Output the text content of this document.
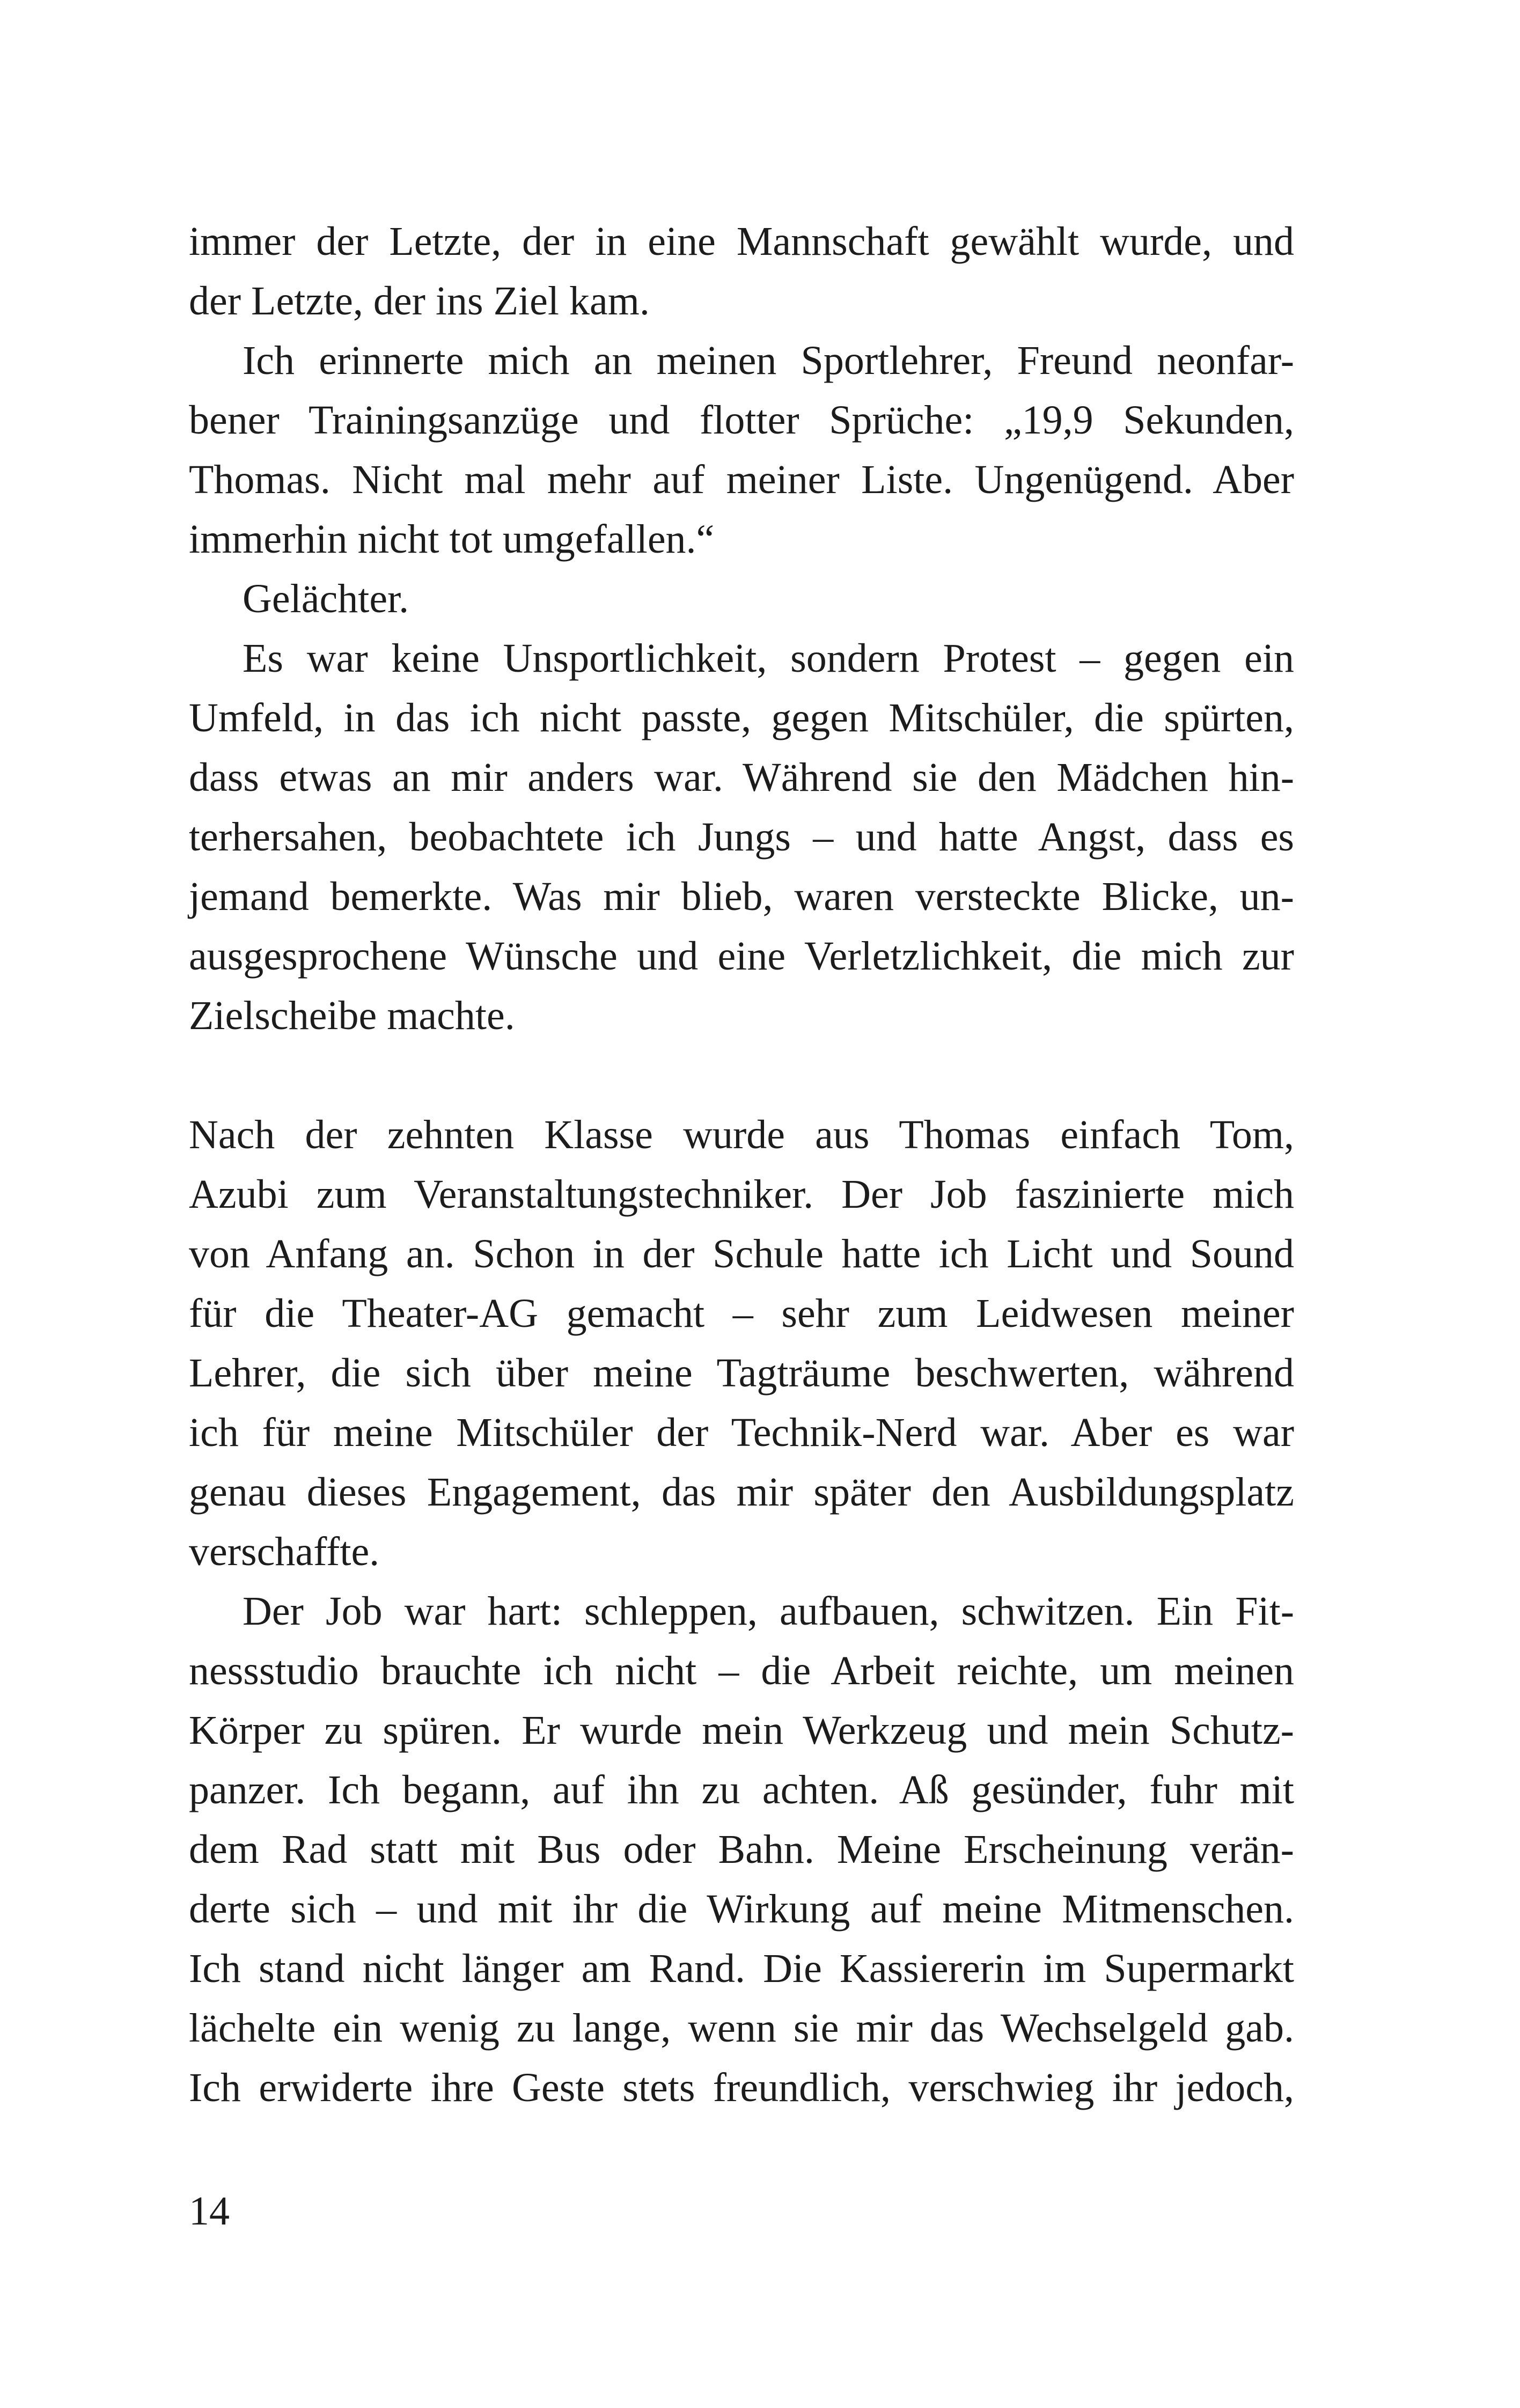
immer der Letzte, der in eine Mannschaft gewählt wurde, und
der Letzte, der ins Ziel kam.

Ich erinnerte mich an meinen Sportlehrer, Freund neonfar-
bener Trainingsanzüge und flotter Sprüche: „19,9 Sekunden,
Thomas. Nicht mal mehr auf meiner Liste. Ungenügend. Aber
immerhin nicht tot umgefallen.“

Gelächter.

Es war keine Unsportlichkeit, sondern Protest – gegen ein
Umfeld, in das ich nicht passte, gegen Mitschüler, die spürten,
dass etwas an mir anders war. Während sie den Mädchen hin-
terhersahen, beobachtete ich Jungs – und hatte Angst, dass es
jemand bemerkte. Was mir blieb, waren versteckte Blicke, un-
ausgesprochene Wünsche und eine Verletzlichkeit, die mich zur
Zielscheibe machte.

Nach der zehnten Klasse wurde aus Thomas einfach Tom,
Azubi zum Veranstaltungstechniker. Der Job faszinierte mich
von Anfang an. Schon in der Schule hatte ich Licht und Sound
für die Theater-AG gemacht – sehr zum Leidwesen meiner
Lehrer, die sich über meine Tagträume beschwerten, während
ich für meine Mitschüler der Technik-Nerd war. Aber es war
genau dieses Engagement, das mir später den Ausbildungsplatz
verschaffte.

Der Job war hart: schleppen, aufbauen, schwitzen. Ein Fit-
nessstudio brauchte ich nicht – die Arbeit reichte, um meinen
Körper zu spüren. Er wurde mein Werkzeug und mein Schutz-
panzer. Ich begann, auf ihn zu achten. Aß gesünder, fuhr mit
dem Rad statt mit Bus oder Bahn. Meine Erscheinung verän-
derte sich – und mit ihr die Wirkung auf meine Mitmenschen.
Ich stand nicht länger am Rand. Die Kassiererin im Supermarkt
lächelte ein wenig zu lange, wenn sie mir das Wechselgeld gab.
Ich erwiderte ihre Geste stets freundlich, verschwieg ihr jedoch,

14
